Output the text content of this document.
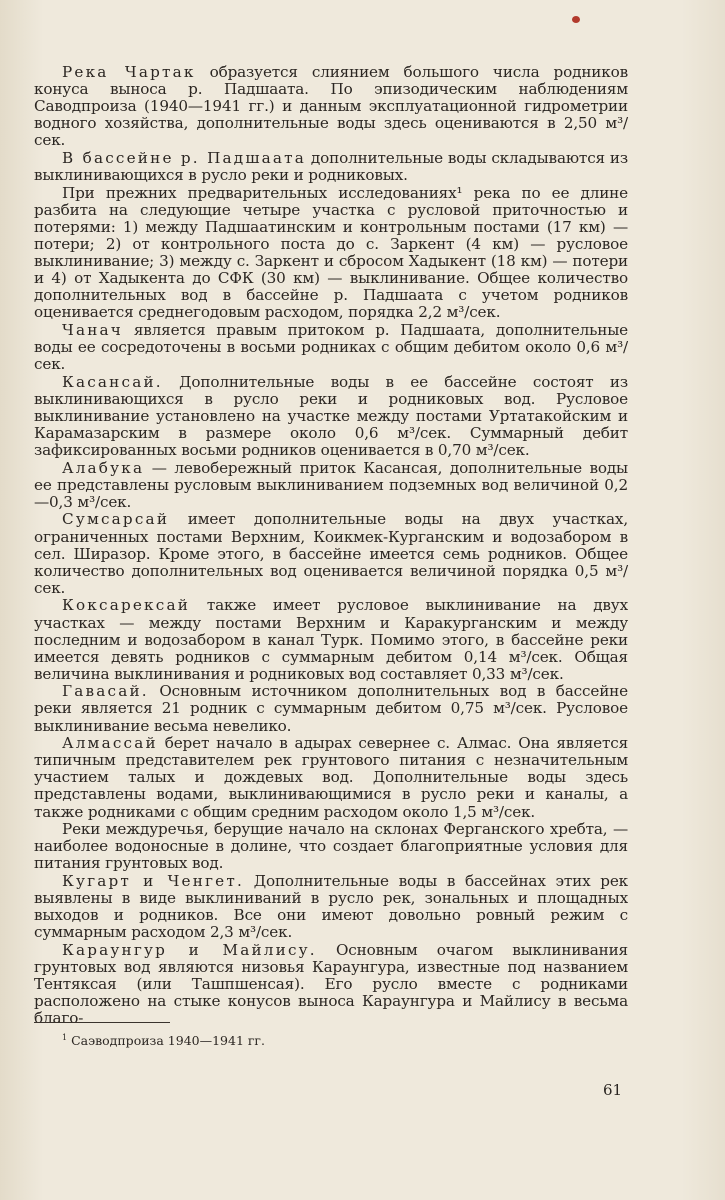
Река Чартак образуется слиянием большого числа родников конуса выноса р. Падшаата. По эпизодическим наблюдениям Саводпроиза (1940—1941 гг.) и данным эксплуатационной гидрометрии водного хозяйства, дополнительные воды здесь оцениваются в 2,50 м³/сек.

В бассейне р. Падшаата дополнительные воды складываются из выклинивающихся в русло реки и родниковых.

При прежних предварительных исследованиях¹ река по ее длине разбита на следующие четыре участка с русловой приточностью и потерями: 1) между Падшаатинским и контрольным постами (17 км) — потери; 2) от контрольного поста до с. Заркент (4 км) — русловое выклинивание; 3) между с. Заркент и сбросом Хадыкент (18 км) — потери и 4) от Хадыкента до СФК (30 км) — выклинивание. Общее количество дополнительных вод в бассейне р. Падшаата с учетом родников оценивается среднегодовым расходом, порядка 2,2 м³/сек.

Чанач является правым притоком р. Падшаата, дополнительные воды ее сосредоточены в восьми родниках с общим дебитом около 0,6 м³/сек.

Касансай. Дополнительные воды в ее бассейне состоят из выклинивающихся в русло реки и родниковых вод. Русловое выклинивание установлено на участке между постами Уртатакойским и Карамазарским в размере около 0,6 м³/сек. Суммарный дебит зафиксированных восьми родников оценивается в 0,70 м³/сек.

Алабука — левобережный приток Касансая, дополнительные воды ее представлены русловым выклиниванием подземных вод величиной 0,2—0,3 м³/сек.

Сумсарсай имеет дополнительные воды на двух участках, ограниченных постами Верхним, Коикмек-Курганским и водозабором в сел. Ширазор. Кроме этого, в бассейне имеется семь родников. Общее количество дополнительных вод оценивается величиной порядка 0,5 м³/сек.

Коксарексай также имеет русловое выклинивание на двух участках — между постами Верхним и Каракурганским и между последним и водозабором в канал Турк. Помимо этого, в бассейне реки имеется девять родников с суммарным дебитом 0,14 м³/сек. Общая величина выклинивания и родниковых вод составляет 0,33 м³/сек.

Гавасай. Основным источником дополнительных вод в бассейне реки является 21 родник с суммарным дебитом 0,75 м³/сек. Русловое выклинивание весьма невелико.

Алмассай берет начало в адырах севернее с. Алмас. Она является типичным представителем рек грунтового питания с незначительным участием талых и дождевых вод. Дополнительные воды здесь представлены водами, выклинивающимися в русло реки и каналы, а также родниками с общим средним расходом около 1,5 м³/сек.

Реки междуречья, берущие начало на склонах Ферганского хребта, — наиболее водоносные в долине, что создает благоприятные условия для питания грунтовых вод.

Кугарт и Ченгет. Дополнительные воды в бассейнах этих рек выявлены в виде выклиниваний в русло рек, зональных и площадных выходов и родников. Все они имеют довольно ровный режим с суммарным расходом 2,3 м³/сек.

Караунгур и Майлису. Основным очагом выклинивания грунтовых вод являются низовья Караунгура, известные под названием Тентяксая (или Ташпшенсая). Его русло вместе с родниками расположено на стыке конусов выноса Караунгура и Майлису в весьма благо-

$^1$ Саэводпроиза 1940—1941 гг.
61
